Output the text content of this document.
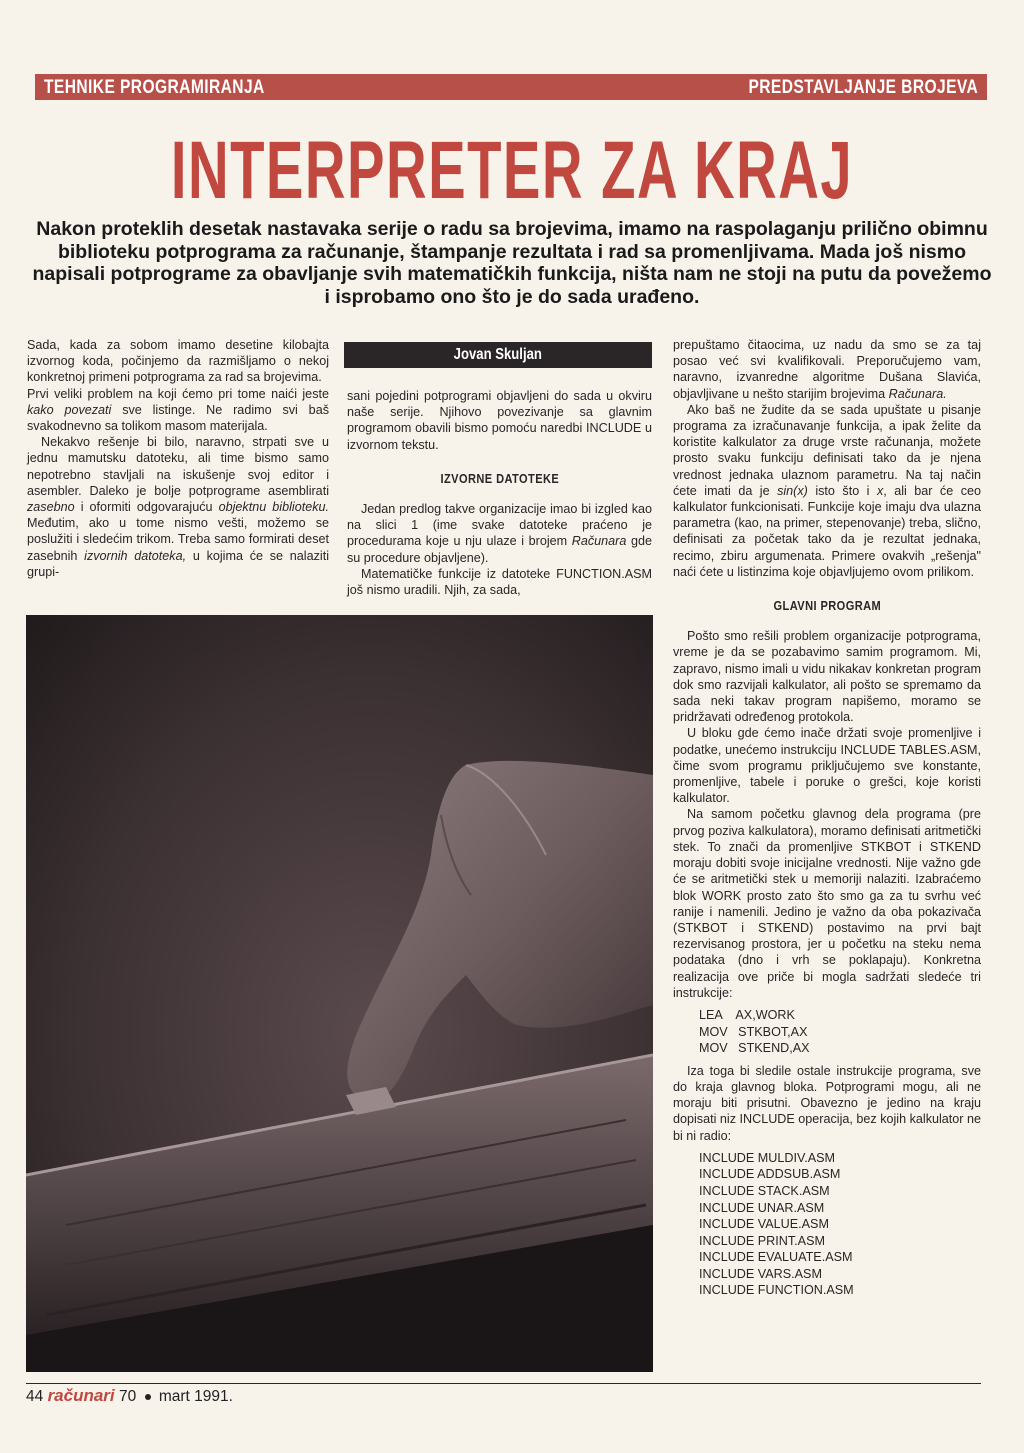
TEHNIKE PROGRAMIRANJA	PREDSTAVLJANJE BROJEVA
INTERPRETER ZA KRAJ
Nakon proteklih desetak nastavaka serije o radu sa brojevima, imamo na raspolaganju prilično obimnu biblioteku potprograma za računanje, štampanje rezultata i rad sa promenljivama. Mada još nismo napisali potprograme za obavljanje svih matematičkih funkcija, ništa nam ne stoji na putu da povežemo i isprobamo ono što je do sada urađeno.

Sada, kada za sobom imamo desetine kilobajta izvornog koda, počinjemo da razmišljamo o nekoj konkretnoj primeni potprograma za rad sa brojevima.

Prvi veliki problem na koji ćemo pri tome naići jeste kako povezati sve listinge. Ne radimo svi baš svakodnevno sa tolikom masom materijala.

Nekakvo rešenje bi bilo, naravno, strpati sve u jednu mamutsku datoteku, ali time bismo samo nepotrebno stavljali na iskušenje svoj editor i asembler. Daleko je bolje potprograme asemblirati zasebno i oformiti odgovarajuću objektnu biblioteku. Međutim, ako u tome nismo vešti, možemo se poslužiti i sledećim trikom. Treba samo formirati deset zasebnih izvornih datoteka, u kojima će se nalaziti grupi-

Jovan Skuljan

sani pojedini potprogrami objavljeni do sada u okviru naše serije. Njihovo povezivanje sa glavnim programom obavili bismo pomoću naredbi INCLUDE u izvornom tekstu.

IZVORNE DATOTEKE

Jedan predlog takve organizacije imao bi izgled kao na slici 1 (ime svake datoteke praćeno je procedurama koje u nju ulaze i brojem Računara gde su procedure objavljene).

Matematičke funkcije iz datoteke FUNCTION.ASM još nismo uradili. Njih, za sada,

prepuštamo čitaocima, uz nadu da smo se za taj posao već svi kvalifikovali. Preporučujemo vam, naravno, izvanredne algoritme Dušana Slavića, objavljivane u nešto starijim brojevima Računara.

Ako baš ne žudite da se sada upuštate u pisanje programa za izračunavanje funkcija, a ipak želite da koristite kalkulator za druge vrste računanja, možete prosto svaku funkciju definisati tako da je njena vrednost jednaka ulaznom parametru. Na taj način ćete imati da je sin(x) isto što i x, ali bar će ceo kalkulator funkcionisati. Funkcije koje imaju dva ulazna parametra (kao, na primer, stepenovanje) treba, slično, definisati za početak tako da je rezultat jednaka, recimo, zbiru argumenata. Primere ovakvih „rešenja" naći ćete u listinzima koje objavljujemo ovom prilikom.

GLAVNI PROGRAM

Pošto smo rešili problem organizacije potprograma, vreme je da se pozabavimo samim programom. Mi, zapravo, nismo imali u vidu nikakav konkretan program dok smo razvijali kalkulator, ali pošto se spremamo da sada neki takav program napišemo, moramo se pridržavati određenog protokola.

U bloku gde ćemo inače držati svoje promenljive i podatke, unećemo instrukciju INCLUDE TABLES.ASM, čime svom programu priključujemo sve konstante, promenljive, tabele i poruke o grešci, koje koristi kalkulator.

Na samom početku glavnog dela programa (pre prvog poziva kalkulatora), moramo definisati aritmetički stek. To znači da promenljive STKBOT i STKEND moraju dobiti svoje inicijalne vrednosti. Nije važno gde će se aritmetički stek u memoriji nalaziti. Izabraćemo blok WORK prosto zato što smo ga za tu svrhu već ranije i namenili. Jedino je važno da oba pokazivača (STKBOT i STKEND) postavimo na prvi bajt rezervisanog prostora, jer u početku na steku nema podataka (dno i vrh se poklapaju). Konkretna realizacija ove priče bi mogla sadržati sledeće tri instrukcije:

LEA    AX,WORK
MOV   STKBOT,AX
MOV   STKEND,AX

Iza toga bi sledile ostale instrukcije programa, sve do kraja glavnog bloka. Potprogrami mogu, ali ne moraju biti prisutni. Obavezno je jedino na kraju dopisati niz INCLUDE operacija, bez kojih kalkulator ne bi ni radio:

INCLUDE MULDIV.ASM
INCLUDE ADDSUB.ASM
INCLUDE STACK.ASM
INCLUDE UNAR.ASM
INCLUDE VALUE.ASM
INCLUDE PRINT.ASM
INCLUDE EVALUATE.ASM
INCLUDE VARS.ASM
INCLUDE FUNCTION.ASM
44 računari 70 mart 1991.
